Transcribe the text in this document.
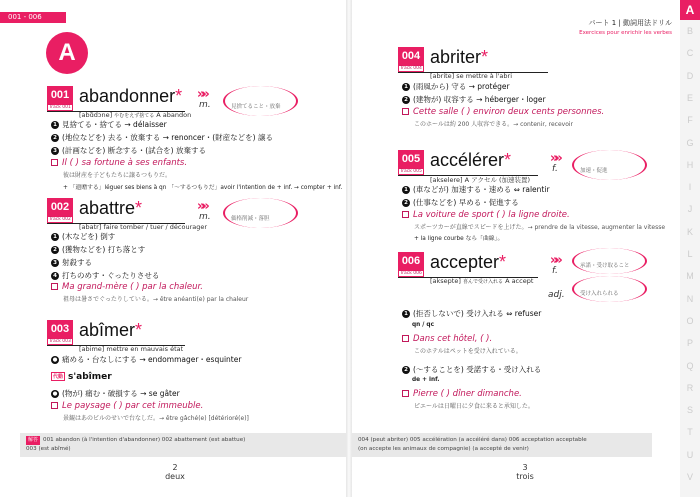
001 - 006
A
001
Track 001
abandonner*
[abɑ̃dɔne] やむをえず捨てる A abandon
»»
m.	見捨てること・放棄
1 見捨てる・捨てる → délaisser
2 (地位などを) 去る・放棄する → renoncer・(財産などを) 譲る
3 (計画などを) 断念する・(試合を) 放棄する
Il ( ) sa fortune à ses enfants.
彼は財産を子どもたちに譲るつもりだ。
+ 「遺贈する」léguer ses biens à qn 「～するつもりだ」avoir l'intention de + inf. → compter + inf.
002
Track 002
abattre*
[abatr] faire tomber / tuer / décourager
»»
m.	価格削減・落胆
1 (木などを) 倒す
2 (獲物などを) 打ち落とす
3 射殺する
4 打ちのめす・ぐったりさせる
Ma grand-mère ( ) par la chaleur.
祖母は暑さでぐったりしている。→ être anéanti(e) par la chaleur
003
Track 003
abîmer*
[abime] mettre en mauvais état
● 痛める・台なしにする → endommager・esquinter
代動 s'abîmer
● (物が) 痛む・破損する → se gâter
Le paysage ( ) par cet immeuble.
景観はあのビルのせいで台なしだ。→ être gâché(e) [détérioré(e)]
解答 001 abandon (à l'intention d'abandonner) 002 abattement (est abattue)
003 (est abîmé)
2
deux
パート 1 | 動詞用法ドリル
Exercices pour enrichir les verbes
004
Track 004
abriter*
[abrite] se mettre à l'abri
1 (雨風から) 守る → protéger
2 (建物が) 収容する → héberger・loger
Cette salle ( ) environ deux cents personnes.
このホールは約 200 人収容できる。→ contenir, recevoir
005
Track 005
accélérer*
[akselere] A アクセル (加速装置)
»»
f.	加速・促進
1 (車などが) 加速する・速める ⇔ ralentir
2 (仕事などを) 早める・促進する
La voiture de sport ( ) la ligne droite.
スポーツカーが直線でスピードを上げた。→ prendre de la vitesse, augmenter la vitesse
+ la ligne courbe なら「曲線」。
006
Track 006
accepter*
[aksepte] 喜んで受け入れる A accept
»»
f.	承諾・受け取ること
adj.	受け入れられる
1 (拒否しないで) 受け入れる ⇔ refuser
qn / qc
Dans cet hôtel, ( ).
このホテルはペットを受け入れている。
2 (～することを) 受諾する・受け入れる
de + inf.
Pierre ( ) dîner dimanche.
ピエールは日曜日に夕食に来ると承知した。
004 (peut abriter) 005 accélération (a accéléré dans) 006 acceptation acceptable
(on accepte les animaux de compagnie) (a accepté de venir)
3
trois
A
B
C
D
E
F
G
H
I
J
K
L
M
N
O
P
Q
R
S
T
U
V
